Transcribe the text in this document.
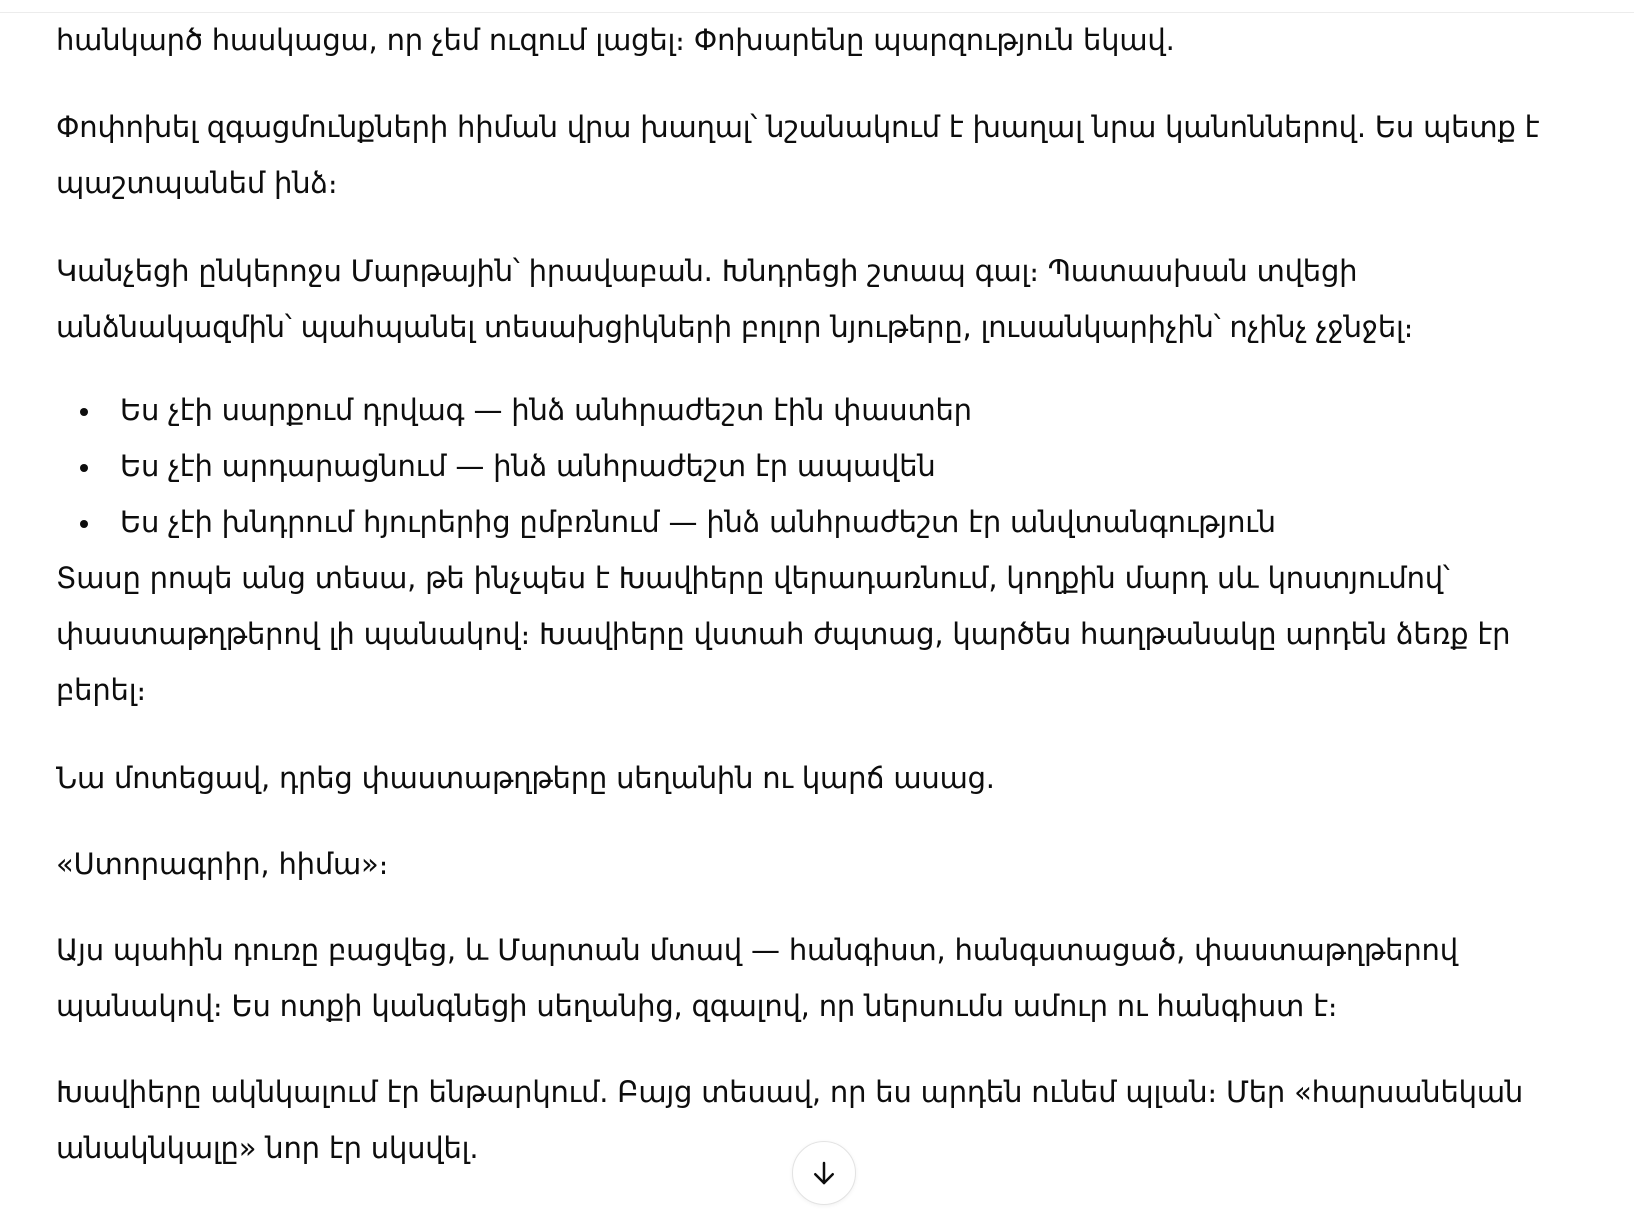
հանկարծ հասկացա, որ չեմ ուզում լացել։ Փոխարենը պարզություն եկավ.

Փոփոխել զգացմունքների հիման վրա խաղալ՝ նշանակում է խաղալ նրա կանոններով. Ես պետք է

պաշտպանեմ ինձ։

Կանչեցի ընկերոջս Մարթային՝ իրավաբան. Խնդրեցի շտապ գալ։ Պատասխան տվեցի

անձնակազմին՝ պահպանել տեսախցիկների բոլոր նյութերը, լուսանկարիչին՝ ոչինչ չջնջել։

Ես չէի սարքում դրվագ — ինձ անհրաժեշտ էին փաստեր
Ես չէի արդարացնում — ինձ անհրաժեշտ էր ապավեն
Ես չէի խնդրում հյուրերից ըմբռնում — ինձ անհրաժեշտ էր անվտանգություն

Տասը րոպե անց տեսա, թե ինչպես է Խավիերը վերադառնում, կողքին մարդ սև կոստյումով՝

փաստաթղթերով լի պանակով։ Խավիերը վստահ ժպտաց, կարծես հաղթանակը արդեն ձեռք էր

բերել։

Նա մոտեցավ, դրեց փաստաթղթերը սեղանին ու կարճ ասաց.

«Ստորագրիր, հիմա»։

Այս պահին դուռը բացվեց, և Մարտան մտավ — հանգիստ, հանգստացած, փաստաթղթերով

պանակով։ Ես ոտքի կանգնեցի սեղանից, զգալով, որ ներսումս ամուր ու հանգիստ է։

Խավիերը ակնկալում էր ենթարկում. Բայց տեսավ, որ ես արդեն ունեմ պլան։ Մեր «հարսանեկան

անակնկալը» նոր էր սկսվել.
